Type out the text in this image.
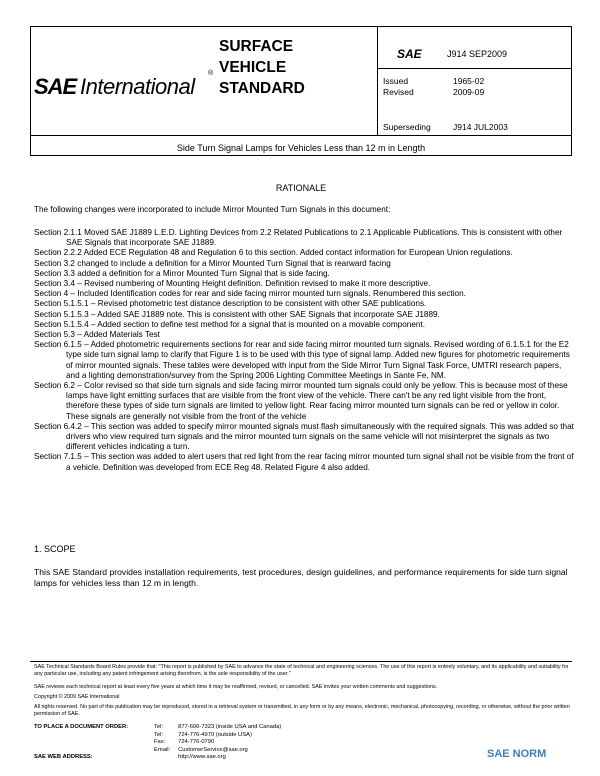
SAE International
®
SURFACE
VEHICLE
STANDARD
SAE	J914 SEP2009
Issued	1965-02
Revised	2009-09
Superseding	J914 JUL2003
Side Turn Signal Lamps for Vehicles Less than 12 m in Length
RATIONALE
The following changes were incorporated to include Mirror Mounted Turn Signals in this document:

Section 2.1.1 Moved SAE J1889 L.E.D. Lighting Devices from 2.2 Related Publications to 2.1 Applicable Publications. This is consistent with other SAE Signals that incorporate SAE J1889.

Section 2.2.2 Added ECE Regulation 48 and Regulation 6 to this section. Added contact information for European Union regulations.

Section 3.2 changed to include a definition for a Mirror Mounted Turn Signal that is rearward facing

Section 3.3 added a definition for a Mirror Mounted Turn Signal that is side facing.

Section 3.4 – Revised numbering of Mounting Height definition. Definition revised to make it more descriptive.

Section 4 – Included Identification codes for rear and side facing mirror mounted turn signals. Renumbered this section.

Section 5.1.5.1 – Revised photometric test distance description to be consistent with other SAE publications.

Section 5.1.5.3 – Added SAE J1889 note. This is consistent with other SAE Signals that incorporate SAE J1889.

Section 5.1.5.4 – Added section to define test method for a signal that is mounted on a movable component.

Section 5.3 – Added Materials Test

Section 6.1.5 – Added photometric requirements sections for rear and side facing mirror mounted turn signals. Revised wording of 6.1.5.1 for the E2 type side turn signal lamp to clarify that Figure 1 is to be used with this type of signal lamp. Added new figures for photometric requirements of mirror mounted signals. These tables were developed with input from the Side Mirror Turn Signal Task Force, UMTRI research papers, and a lighting demonstration/survey from the Spring 2006 Lighting Committee Meetings in Sante Fe, NM.

Section 6.2 – Color revised so that side turn signals and side facing mirror mounted turn signals could only be yellow. This is because most of these lamps have light emitting surfaces that are visible from the front view of the vehicle. There can't be any red light visible from the front, therefore these types of side turn signals are limited to yellow light. Rear facing mirror mounted turn signals can be red or yellow in color. These signals are generally not visible from the front of the vehicle

Section 6.4.2 – This section was added to specify mirror mounted signals must flash simultaneously with the required signals. This was added so that drivers who view required turn signals and the mirror mounted turn signals on the same vehicle will not misinterpret the signals as two different vehicles indicating a turn.

Section 7.1.5 – This section was added to alert users that red light from the rear facing mirror mounted turn signal shall not be visible from the front of a vehicle. Definition was developed from ECE Reg 48. Related Figure 4 also added.

1. SCOPE
This SAE Standard provides installation requirements, test procedures, design guidelines, and performance requirements for side turn signal lamps for vehicles less than 12 m in length.
SAE Technical Standards Board Rules provide that: "This report is published by SAE to advance the state of technical and engineering sciences. The use of this report is entirely voluntary, and its applicability and suitability for any particular use, including any patent infringement arising therefrom, is the sole responsibility of the user."
SAE reviews each technical report at least every five years at which time it may be reaffirmed, revised, or cancelled. SAE invites your written comments and suggestions.
Copyright © 2009 SAE International
All rights reserved. No part of this publication may be reproduced, stored in a retrieval system or transmitted, in any form or by any means, electronic, mechanical, photocopying, recording, or otherwise, without the prior written permission of SAE.
TO PLACE A DOCUMENT ORDER:	Tel:	877-606-7323 (inside USA and Canada)
	Tel:	724-776-4970 (outside USA)
	Fax:	724-776-0790
	Email:	CustomerService@sae.org
SAE WEB ADDRESS:		http://www.sae.org	SAE NORM
